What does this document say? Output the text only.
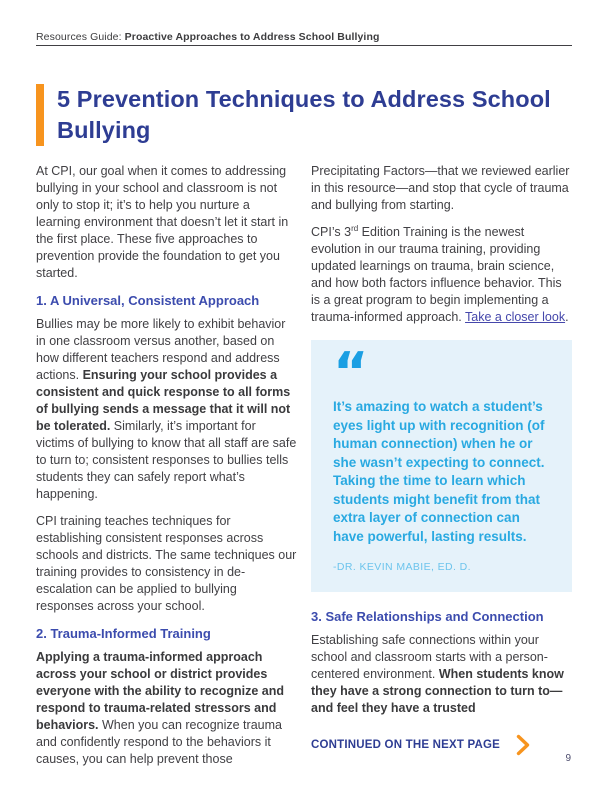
Resources Guide: Proactive Approaches to Address School Bullying
5 Prevention Techniques to Address School Bullying

At CPI, our goal when it comes to addressing bullying in your school and classroom is not only to stop it; it’s to help you nurture a learning environment that doesn’t let it start in the first place. These five approaches to prevention provide the foundation to get you started.

1. A Universal, Consistent Approach

Bullies may be more likely to exhibit behavior in one classroom versus another, based on how different teachers respond and address actions. Ensuring your school provides a consistent and quick response to all forms of bullying sends a message that it will not be tolerated. Similarly, it’s important for victims of bullying to know that all staff are safe to turn to; consistent responses to bullies tells students they can safely report what’s happening.

CPI training teaches techniques for establishing consistent responses across schools and districts. The same techniques our training provides to consistency in de-escalation can be applied to bullying responses across your school.

2. Trauma-Informed Training

Applying a trauma-informed approach across your school or district provides everyone with the ability to recognize and respond to trauma-related stressors and behaviors. When you can recognize trauma and confidently respond to the behaviors it causes, you can help prevent those

Precipitating Factors—that we reviewed earlier in this resource—and stop that cycle of trauma and bullying from starting.

CPI’s 3rd Edition Training is the newest evolution in our trauma training, providing updated learnings on trauma, brain science, and how both factors influence behavior. This is a great program to begin implementing a trauma-informed approach. Take a closer look.

“
It’s amazing to watch a student’s eyes light up with recognition (of human connection) when he or she wasn’t expecting to connect. Taking the time to learn which students might benefit from that extra layer of connection can have powerful, lasting results.
-DR. KEVIN MABIE, ED. D.
3. Safe Relationships and Connection

Establishing safe connections within your school and classroom starts with a person-centered environment. When students know they have a strong connection to turn to—and feel they have a trusted

CONTINUED ON THE NEXT PAGE
9
